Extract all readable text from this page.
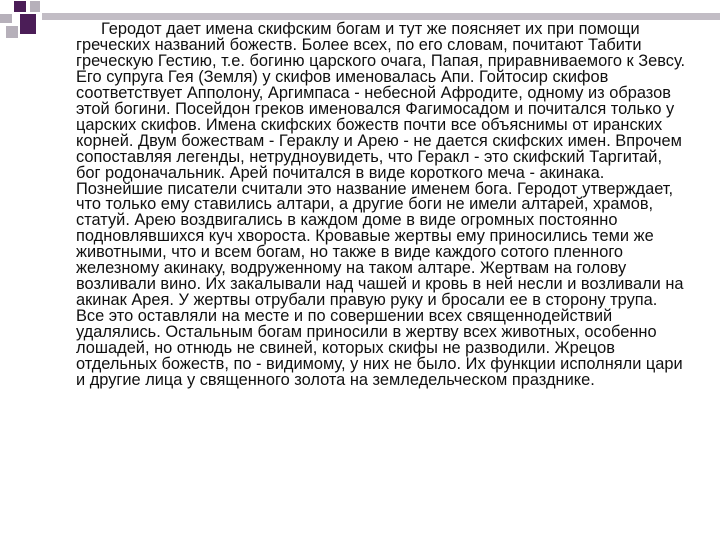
Геродот дает имена скифским богам и тут же поясняет их при помощи греческих названий божеств. Более всех, по его словам, почитают Табити греческую Гестию, т.е. богиню царского очага, Папая, приравниваемого к Зевсу. Его супруга Гея (Земля) у скифов именовалась Апи. Гойтосир скифов соответствует Апполону, Аргимпаса - небесной Афродите, одному из образов этой богини. Посейдон греков именовался Фагимосадом и почитался только у царских скифов. Имена скифских божеств почти все объяснимы от иранских корней. Двум божествам - Гераклу и Арею - не дается скифских имен. Впрочем сопоставляя легенды, нетрудноувидеть, что Геракл - это скифский Таргитай, бог родоначальник. Арей почитался в виде короткого меча - акинака. Познейшие писатели считали это название именем бога. Геродот утверждает, что только ему ставились алтари, а другие боги не имели алтарей, храмов, статуй. Арею воздвигались в каждом доме в виде огромных постоянно подновлявшихся куч хвороста. Кровавые жертвы ему приносились теми же животными, что и всем богам, но также в виде каждого сотого пленного железному акинаку, водруженному на таком алтаре. Жертвам на голову возливали вино. Их закалывали над чашей и кровь в ней несли и возливали на акинак Арея. У жертвы отрубали правую руку и бросали ее в сторону трупа. Все это оставляли на месте и по совершении всех священнодействий удалялись. Остальным богам приносили в жертву всех животных, особенно лошадей, но отнюдь не свиней, которых скифы не разводили. Жрецов отдельных божеств, по - видимому, у них не было. Их функции исполняли цари и другие лица у священного золота на земледельческом празднике.
